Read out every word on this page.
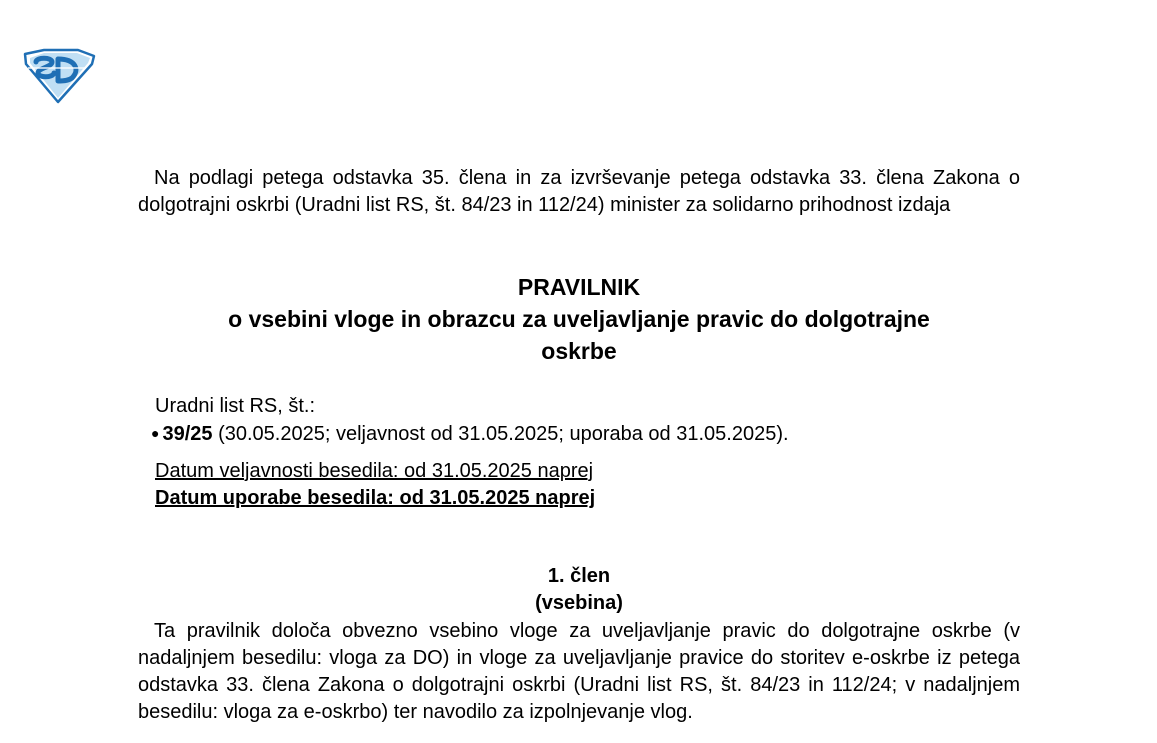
Na podlagi petega odstavka 35. člena in za izvrševanje petega odstavka 33. člena Zakona o dolgotrajni oskrbi (Uradni list RS, št. 84/23 in 112/24) minister za solidarno prihodnost izdaja

PRAVILNIK
o vsebini vloge in obrazcu za uveljavljanje pravic do dolgotrajne oskrbe

Uradni list RS, št.:

● 39/25 (30.05.2025; veljavnost od 31.05.2025; uporaba od 31.05.2025).

Datum veljavnosti besedila: od 31.05.2025 naprej

Datum uporabe besedila: od 31.05.2025 naprej

1. člen
(vsebina)

Ta pravilnik določa obvezno vsebino vloge za uveljavljanje pravic do dolgotrajne oskrbe (v nadaljnjem besedilu: vloga za DO) in vloge za uveljavljanje pravice do storitev e-oskrbe iz petega odstavka 33. člena Zakona o dolgotrajni oskrbi (Uradni list RS, št. 84/23 in 112/24; v nadaljnjem besedilu: vloga za e-oskrbo) ter navodilo za izpolnjevanje vlog.
